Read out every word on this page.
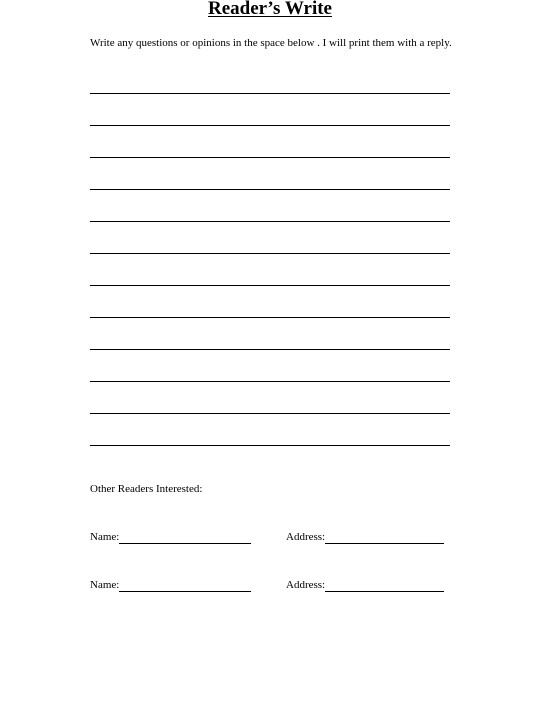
Reader’s Write
Write any questions or opinions in the space below . I will print them with a reply.
Other Readers Interested:
Name:	Address:
Name:	Address:
